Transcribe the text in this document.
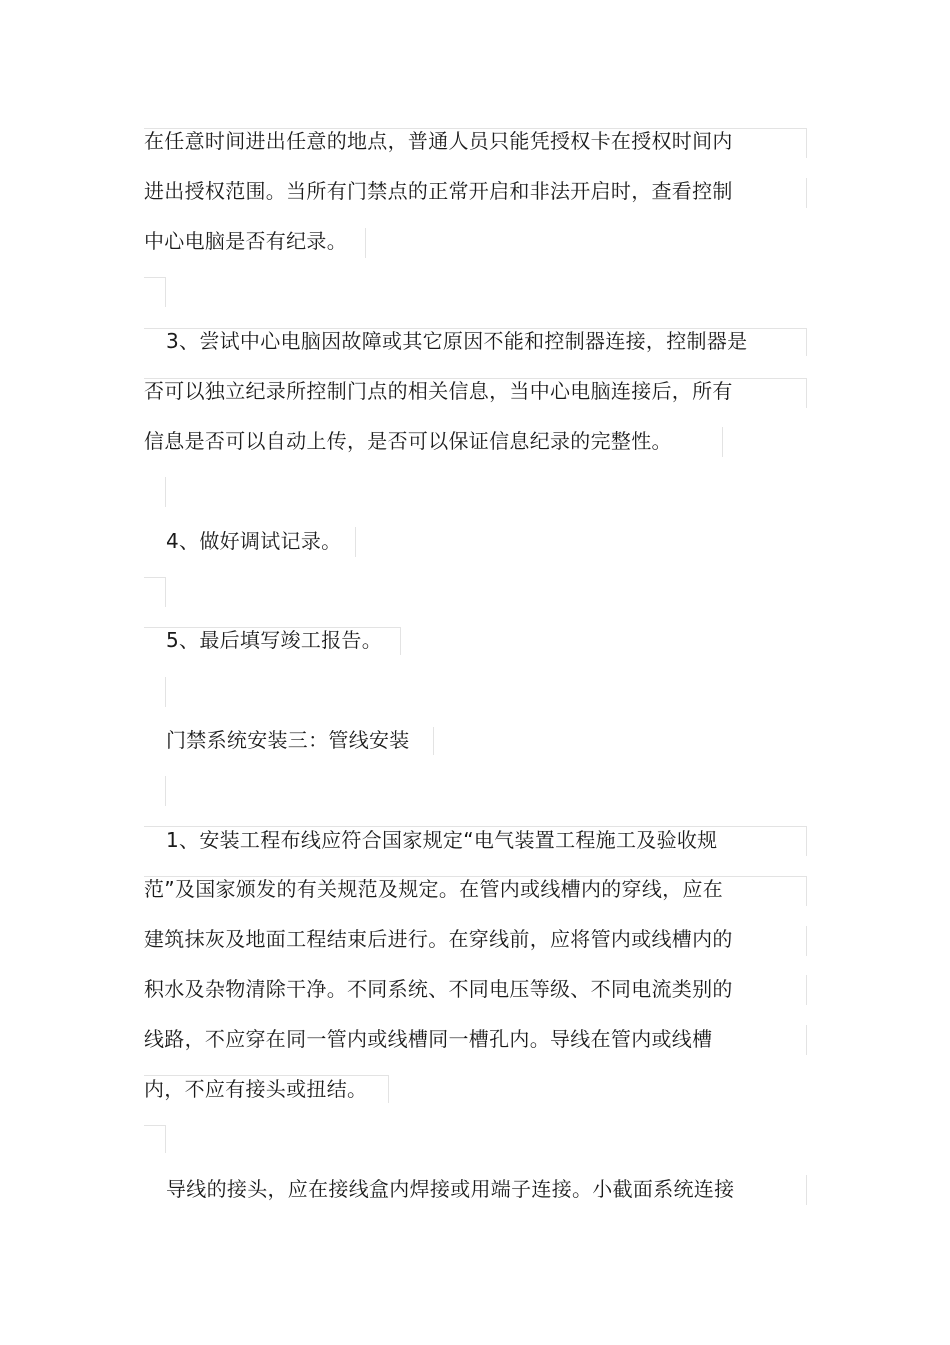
在任意时间进出任意的地点，普通人员只能凭授权卡在授权时间内
进出授权范围。当所有门禁点的正常开启和非法开启时，查看控制
中心电脑是否有纪录。
3、尝试中心电脑因故障或其它原因不能和控制器连接，控制器是
否可以独立纪录所控制门点的相关信息，当中心电脑连接后，所有
信息是否可以自动上传，是否可以保证信息纪录的完整性。
4、做好调试记录。
5、最后填写竣工报告。
门禁系统安装三：管线安装
1、安装工程布线应符合国家规定“电气装置工程施工及验收规
范”及国家颁发的有关规范及规定。在管内或线槽内的穿线，应在
建筑抹灰及地面工程结束后进行。在穿线前，应将管内或线槽内的
积水及杂物清除干净。不同系统、不同电压等级、不同电流类别的
线路，不应穿在同一管内或线槽同一槽孔内。导线在管内或线槽
内，不应有接头或扭结。
导线的接头，应在接线盒内焊接或用端子连接。小截面系统连接
